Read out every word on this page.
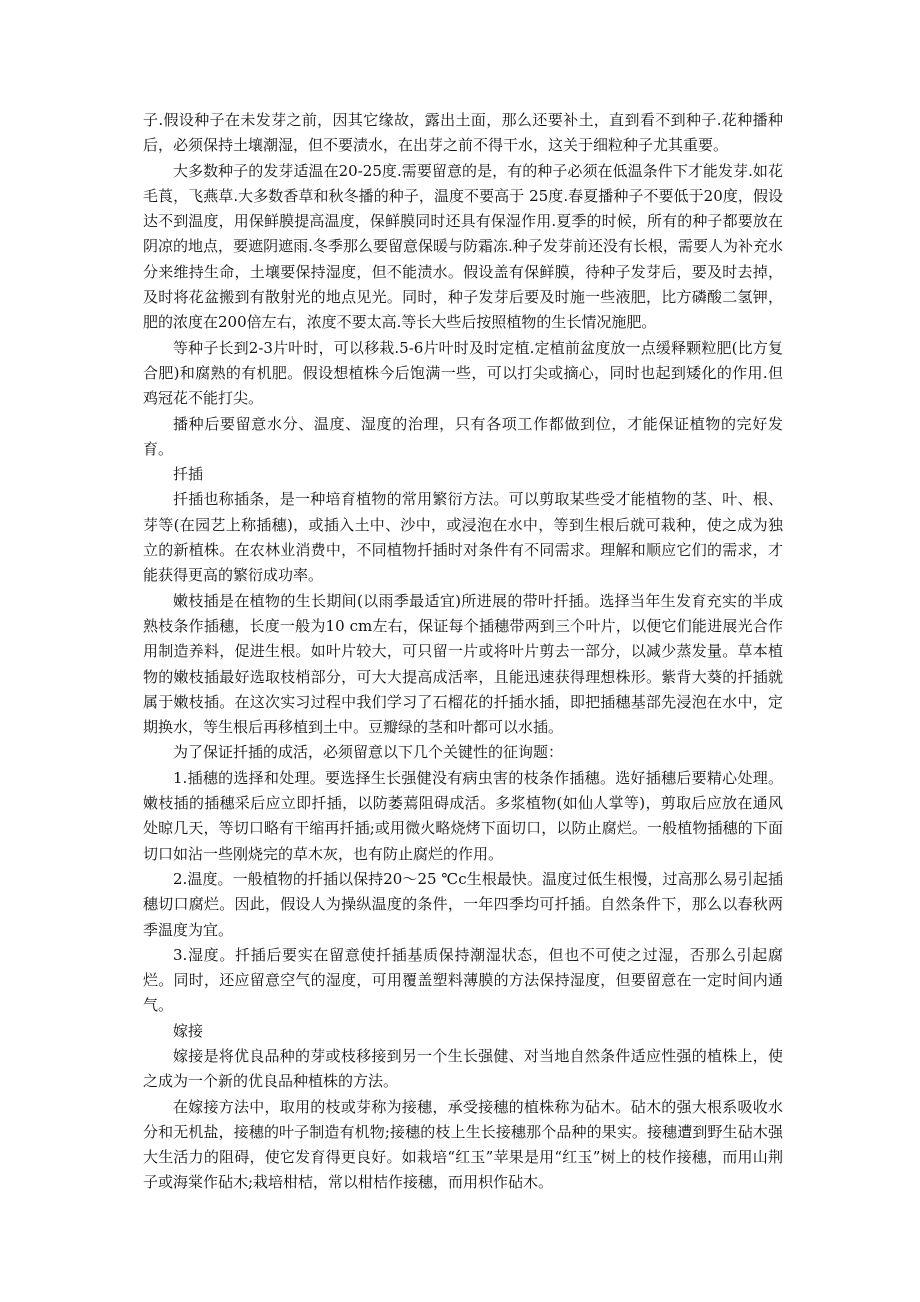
子.假设种子在未发芽之前，因其它缘故，露出土面，那么还要补土，直到看不到种子.花种播种后，必须保持土壤潮湿，但不要渍水，在出芽之前不得干水，这关于细粒种子尤其重要。

大多数种子的发芽适温在20-25度.需要留意的是，有的种子必须在低温条件下才能发芽.如花毛莨，飞燕草.大多数香草和秋冬播的种子，温度不要高于 25度.春夏播种子不要低于20度，假设达不到温度，用保鲜膜提高温度，保鲜膜同时还具有保湿作用.夏季的时候，所有的种子都要放在阴凉的地点，要遮阴遮雨.冬季那么要留意保暖与防霜冻.种子发芽前还没有长根，需要人为补充水分来维持生命，土壤要保持湿度，但不能渍水。假设盖有保鲜膜，待种子发芽后，要及时去掉，及时将花盆搬到有散射光的地点见光。同时，种子发芽后要及时施一些液肥，比方磷酸二氢钾，肥的浓度在200倍左右，浓度不要太高.等长大些后按照植物的生长情况施肥。

等种子长到2-3片叶时，可以移栽.5-6片叶时及时定植.定植前盆度放一点缓释颗粒肥(比方复合肥)和腐熟的有机肥。假设想植株今后饱满一些，可以打尖或摘心，同时也起到矮化的作用.但鸡冠花不能打尖。

播种后要留意水分、温度、湿度的治理，只有各项工作都做到位，才能保证植物的完好发育。

扦插

扦插也称插条，是一种培育植物的常用繁衍方法。可以剪取某些受才能植物的茎、叶、根、芽等(在园艺上称插穗)，或插入土中、沙中，或浸泡在水中，等到生根后就可栽种，使之成为独立的新植株。在农林业消费中，不同植物扦插时对条件有不同需求。理解和顺应它们的需求，才能获得更高的繁衍成功率。

嫩枝插是在植物的生长期间(以雨季最适宜)所进展的带叶扦插。选择当年生发育充实的半成熟枝条作插穗，长度一般为10 cm左右，保证每个插穗带两到三个叶片，以便它们能进展光合作用制造养料，促进生根。如叶片较大，可只留一片或将叶片剪去一部分，以减少蒸发量。草本植物的嫩枝插最好选取枝梢部分，可大大提高成活率，且能迅速获得理想株形。紫背大葵的扦插就属于嫩枝插。在这次实习过程中我们学习了石榴花的扦插水插，即把插穗基部先浸泡在水中，定期换水，等生根后再移植到土中。豆瓣绿的茎和叶都可以水插。

为了保证扦插的成活，必须留意以下几个关键性的征询题：

1.插穗的选择和处理。要选择生长强健没有病虫害的枝条作插穗。选好插穗后要精心处理。嫩枝插的插穗采后应立即扦插，以防萎蔫阻碍成活。多浆植物(如仙人掌等)，剪取后应放在通风处晾几天，等切口略有干缩再扦插;或用微火略烧烤下面切口，以防止腐烂。一般植物插穗的下面切口如沾一些刚烧完的草木灰，也有防止腐烂的作用。

2.温度。一般植物的扦插以保持20～25 ℃c生根最快。温度过低生根慢，过高那么易引起插穗切口腐烂。因此，假设人为操纵温度的条件，一年四季均可扦插。自然条件下，那么以春秋两季温度为宜。

3.湿度。扦插后要实在留意使扦插基质保持潮湿状态，但也不可使之过湿，否那么引起腐烂。同时，还应留意空气的湿度，可用覆盖塑料薄膜的方法保持湿度，但要留意在一定时间内通气。

嫁接

嫁接是将优良品种的芽或枝移接到另一个生长强健、对当地自然条件适应性强的植株上，使之成为一个新的优良品种植株的方法。

在嫁接方法中，取用的枝或芽称为接穗，承受接穗的植株称为砧木。砧木的强大根系吸收水分和无机盐，接穗的叶子制造有机物;接穗的枝上生长接穗那个品种的果实。接穗遭到野生砧木强大生活力的阻碍，使它发育得更良好。如栽培“红玉”苹果是用“红玉”树上的枝作接穗，而用山荆子或海棠作砧木;栽培柑桔，常以柑桔作接穗，而用枳作砧木。
